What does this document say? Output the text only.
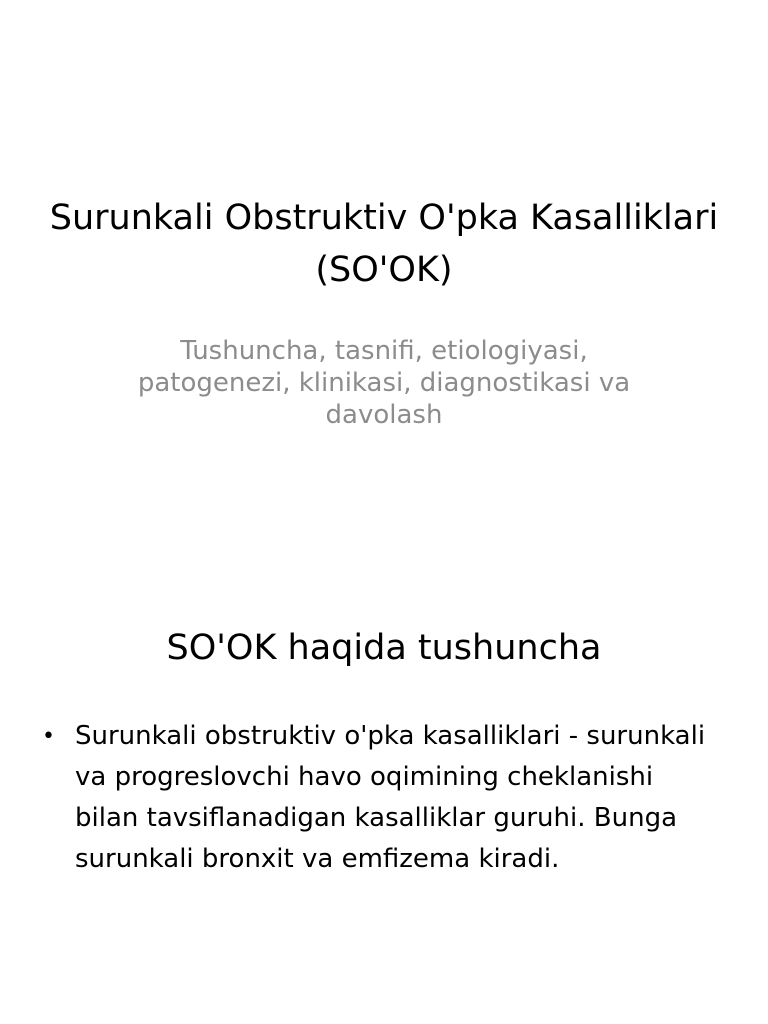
Surunkali Obstruktiv O'pka Kasalliklari (SO'OK)

Tushuncha, tasnifi, etiologiyasi, patogenezi, klinikasi, diagnostikasi va davolash

SO'OK haqida tushuncha
• Surunkali obstruktiv o'pka kasalliklari - surunkali va progreslovchi havo oqimining cheklanishi bilan tavsiflanadigan kasalliklar guruhi. Bunga surunkali bronxit va emfizema kiradi.
